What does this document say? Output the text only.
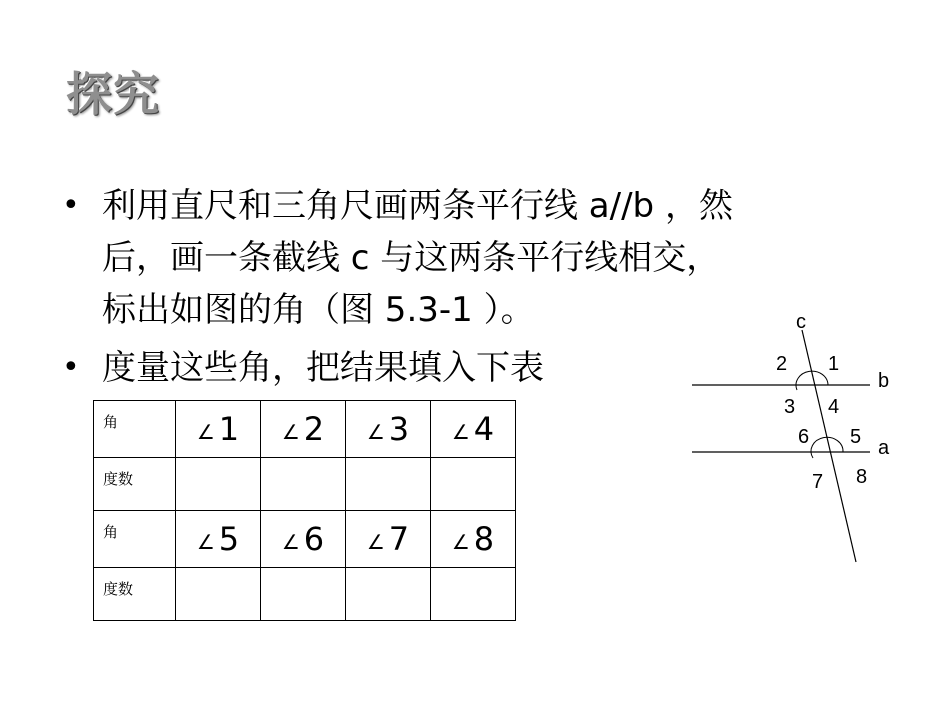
探究
• 利用直尺和三角尺画两条平行线 a//b ，然
后，画一条截线 c 与这两条平行线相交，
标出如图的角（图 5.3-1 ）。
• 度量这些角，把结果填入下表
角	∠ 1	∠ 2	∠ 3	∠ 4
度数				
角	∠ 5	∠ 6	∠ 7	∠ 8
度数				
c
b
a
1
2
3 4
5
6
7 8
